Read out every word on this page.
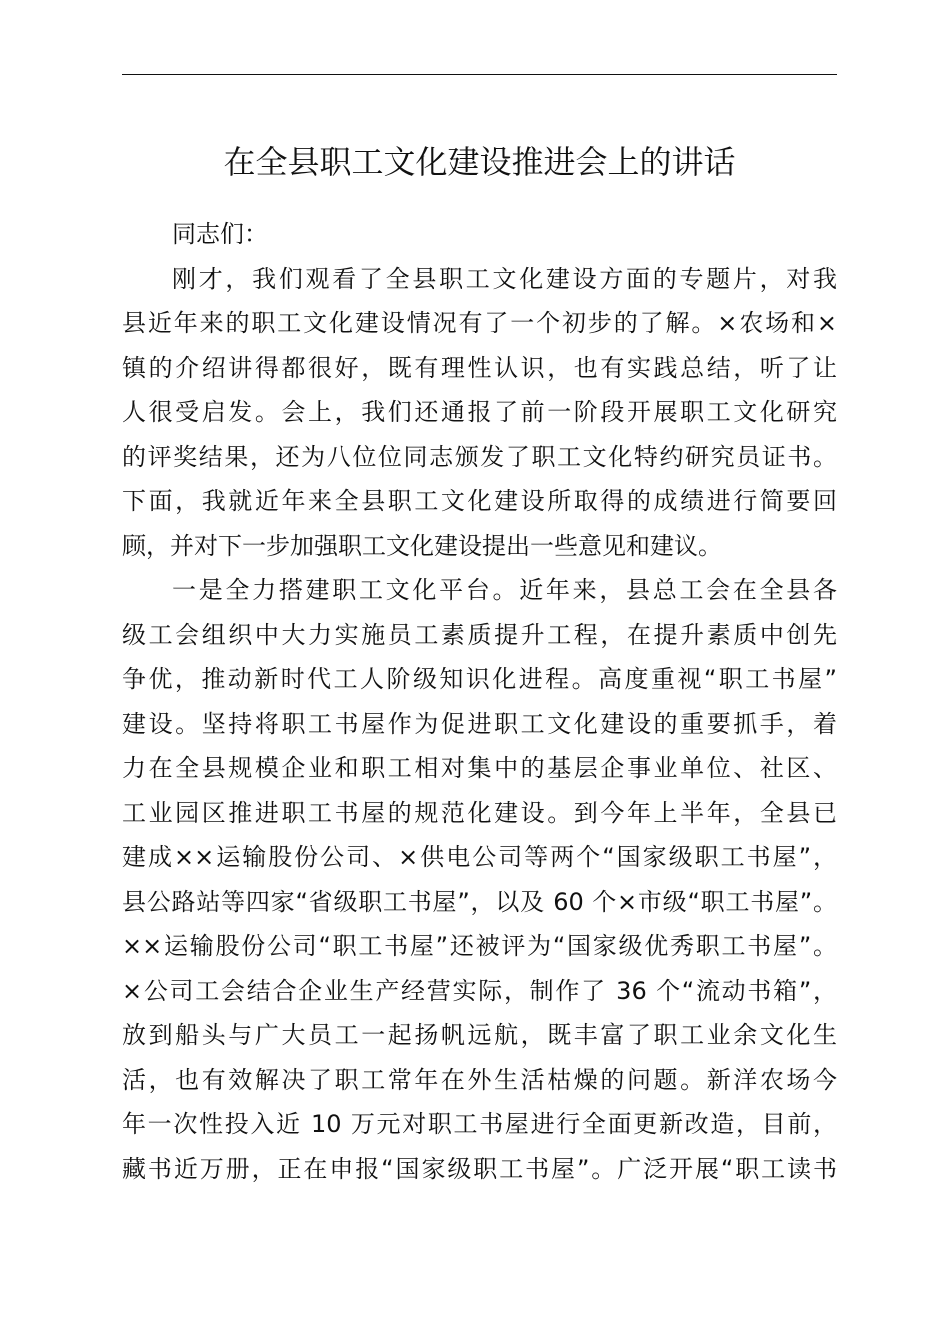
在全县职工文化建设推进会上的讲话
同志们：
刚才，我们观看了全县职工文化建设方面的专题片，对我
县近年来的职工文化建设情况有了一个初步的了解。×农场和×
镇的介绍讲得都很好，既有理性认识，也有实践总结，听了让
人很受启发。会上，我们还通报了前一阶段开展职工文化研究
的评奖结果，还为八位位同志颁发了职工文化特约研究员证书。
下面，我就近年来全县职工文化建设所取得的成绩进行简要回
顾，并对下一步加强职工文化建设提出一些意见和建议。
一是全力搭建职工文化平台。近年来，县总工会在全县各
级工会组织中大力实施员工素质提升工程，在提升素质中创先
争优，推动新时代工人阶级知识化进程。高度重视“职工书屋”
建设。坚持将职工书屋作为促进职工文化建设的重要抓手，着
力在全县规模企业和职工相对集中的基层企事业单位、社区、
工业园区推进职工书屋的规范化建设。到今年上半年，全县已
建成××运输股份公司、×供电公司等两个“国家级职工书屋”，
县公路站等四家“省级职工书屋”，以及 60 个×市级“职工书屋”。
××运输股份公司“职工书屋”还被评为“国家级优秀职工书屋”。
×公司工会结合企业生产经营实际，制作了 36 个“流动书箱”，
放到船头与广大员工一起扬帆远航，既丰富了职工业余文化生
活，也有效解决了职工常年在外生活枯燥的问题。新洋农场今
年一次性投入近 10 万元对职工书屋进行全面更新改造，目前，
藏书近万册，正在申报“国家级职工书屋”。广泛开展“职工读书
